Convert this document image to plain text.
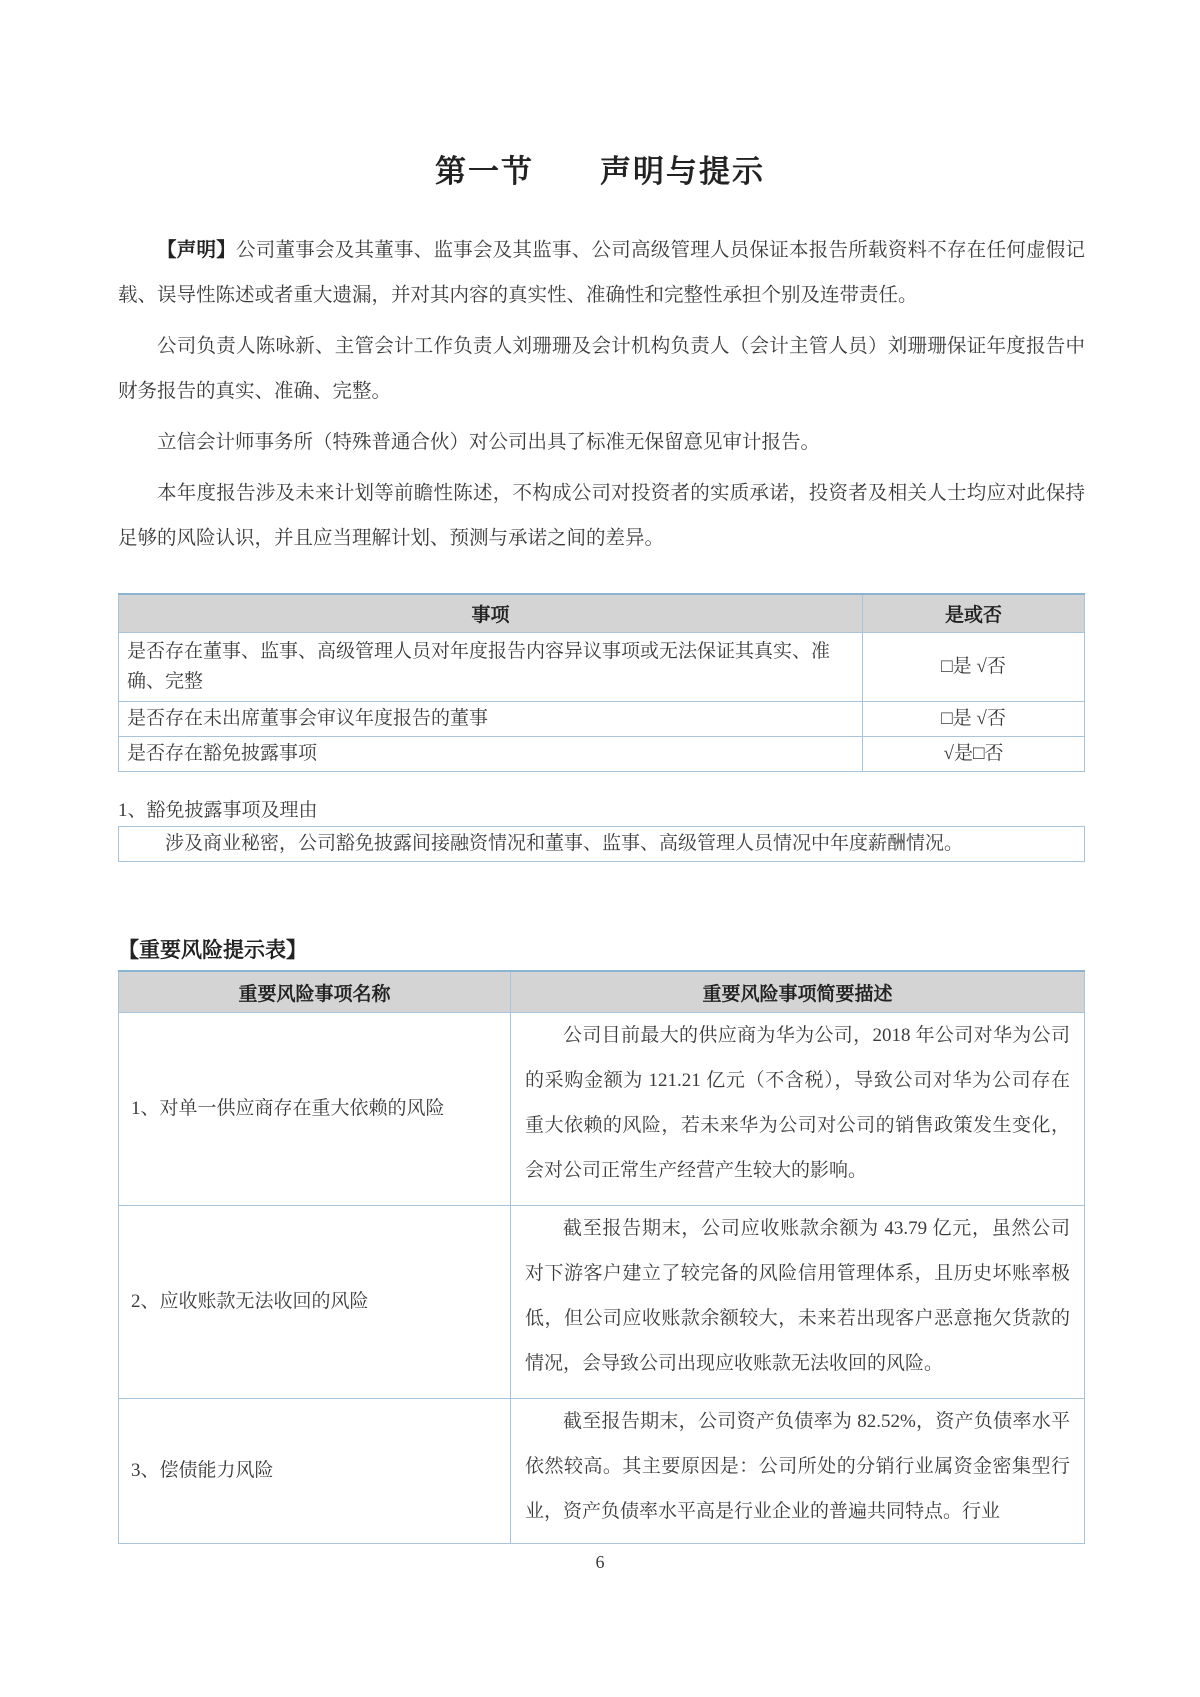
第一节　　声明与提示

【声明】公司董事会及其董事、监事会及其监事、公司高级管理人员保证本报告所载资料不存在任何虚假记载、误导性陈述或者重大遗漏，并对其内容的真实性、准确性和完整性承担个别及连带责任。

公司负责人陈咏新、主管会计工作负责人刘珊珊及会计机构负责人（会计主管人员）刘珊珊保证年度报告中财务报告的真实、准确、完整。

立信会计师事务所（特殊普通合伙）对公司出具了标准无保留意见审计报告。

本年度报告涉及未来计划等前瞻性陈述，不构成公司对投资者的实质承诺，投资者及相关人士均应对此保持足够的风险认识，并且应当理解计划、预测与承诺之间的差异。

事项	是或否
是否存在董事、监事、高级管理人员对年度报告内容异议事项或无法保证其真实、准确、完整	□是 √否
是否存在未出席董事会审议年度报告的董事	□是 √否
是否存在豁免披露事项	√是□否

1、豁免披露事项及理由

涉及商业秘密，公司豁免披露间接融资情况和董事、监事、高级管理人员情况中年度薪酬情况。

【重要风险提示表】

重要风险事项名称	重要风险事项简要描述
1、对单一供应商存在重大依赖的风险	公司目前最大的供应商为华为公司，2018 年公司对华为公司的采购金额为 121.21 亿元（不含税），导致公司对华为公司存在重大依赖的风险，若未来华为公司对公司的销售政策发生变化，会对公司正常生产经营产生较大的影响。
2、应收账款无法收回的风险	截至报告期末，公司应收账款余额为 43.79 亿元，虽然公司对下游客户建立了较完备的风险信用管理体系，且历史坏账率极低，但公司应收账款余额较大，未来若出现客户恶意拖欠货款的情况，会导致公司出现应收账款无法收回的风险。
3、偿债能力风险	截至报告期末，公司资产负债率为 82.52%，资产负债率水平依然较高。其主要原因是：公司所处的分销行业属资金密集型行业，资产负债率水平高是行业企业的普遍共同特点。行业
6
